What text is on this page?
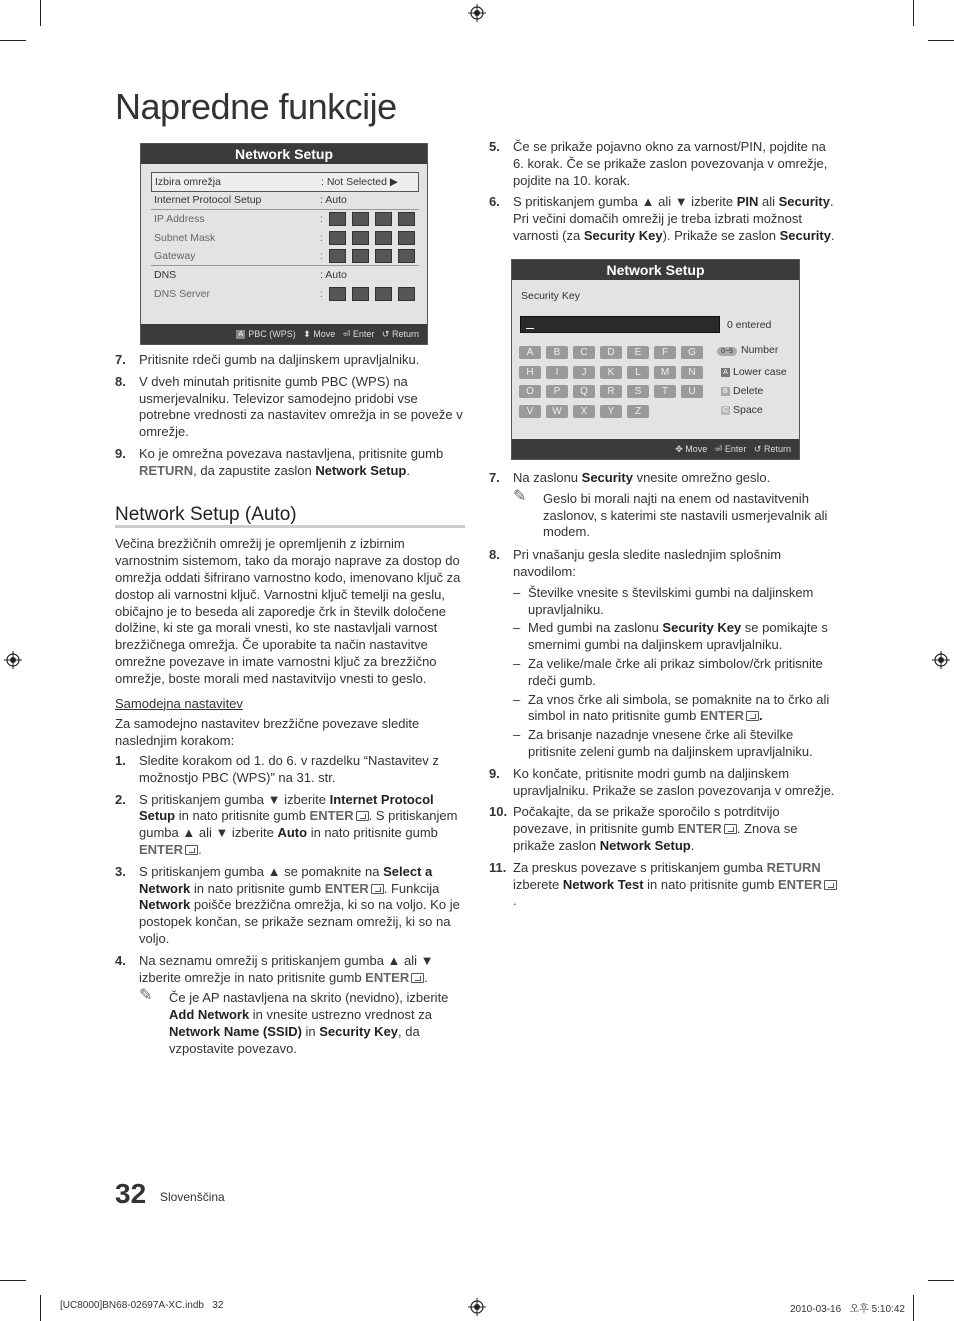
Napredne funkcije
Network Setup
Izbira omrežja	: Not Selected ▶
Internet Protocol Setup	: Auto
IP Address	:
Subnet Mask	:
Gateway	:
DNS	: Auto
DNS Server	:
A PBC (WPS) ⬍ Move ⏎ Enter ↺ Return
7. Pritisnite rdeči gumb na daljinskem upravljalniku.
8. V dveh minutah pritisnite gumb PBC (WPS) na usmerjevalniku. Televizor samodejno pridobi vse potrebne vrednosti za nastavitev omrežja in se poveže v omrežje.
9. Ko je omrežna povezava nastavljena, pritisnite gumb RETURN, da zapustite zaslon Network Setup.
Network Setup (Auto)
Večina brezžičnih omrežij je opremljenih z izbirnim varnostnim sistemom, tako da morajo naprave za dostop do omrežja oddati šifrirano varnostno kodo, imenovano ključ za dostop ali varnostni ključ. Varnostni ključ temelji na geslu, običajno je to beseda ali zaporedje črk in številk določene dolžine, ki ste ga morali vnesti, ko ste nastavljali varnost brezžičnega omrežja. Če uporabite ta način nastavitve omrežne povezave in imate varnostni ključ za brezžično omrežje, boste morali med nastavitvijo vnesti to geslo.
Samodejna nastavitev
Za samodejno nastavitev brezžične povezave sledite naslednjim korakom:
1. Sledite korakom od 1. do 6. v razdelku “Nastavitev z možnostjo PBC (WPS)” na 31. str.
2. S pritiskanjem gumba ▼ izberite Internet Protocol Setup in nato pritisnite gumb ENTER . S pritiskanjem gumba ▲ ali ▼ izberite Auto in nato pritisnite gumb ENTER .
3. S pritiskanjem gumba ▲ se pomaknite na Select a Network in nato pritisnite gumb ENTER . Funkcija Network poišče brezžična omrežja, ki so na voljo. Ko je postopek končan, se prikaže seznam omrežij, ki so na voljo.
4. Na seznamu omrežij s pritiskanjem gumba ▲ ali ▼ izberite omrežje in nato pritisnite gumb ENTER .
✎ Če je AP nastavljena na skrito (nevidno), izberite Add Network in vnesite ustrezno vrednost za Network Name (SSID) in Security Key, da vzpostavite povezavo.
Network Setup
Security Key
0 entered
A	B	C	D	E	F	G
H	I	J	K	L	M	N
O	P	Q	R	S	T	U
V	W	X	Y	Z
0~9 Number
A Lower case
B Delete
C Space
✥ Move ⏎ Enter ↺ Return
5. Če se prikaže pojavno okno za varnost/PIN, pojdite na 6. korak. Če se prikaže zaslon povezovanja v omrežje, pojdite na 10. korak.
6. S pritiskanjem gumba ▲ ali ▼ izberite PIN ali Security. Pri večini domačih omrežij je treba izbrati možnost varnosti (za Security Key). Prikaže se zaslon Security.
7. Na zaslonu Security vnesite omrežno geslo.
✎ Geslo bi morali najti na enem od nastavitvenih zaslonov, s katerimi ste nastavili usmerjevalnik ali modem.
8. Pri vnašanju gesla sledite naslednjim splošnim navodilom:
– Številke vnesite s številskimi gumbi na daljinskem upravljalniku.
– Med gumbi na zaslonu Security Key se pomikajte s smernimi gumbi na daljinskem upravljalniku.
– Za velike/male črke ali prikaz simbolov/črk pritisnite rdeči gumb.
– Za vnos črke ali simbola, se pomaknite na to črko ali simbol in nato pritisnite gumb ENTER .
– Za brisanje nazadnje vnesene črke ali številke pritisnite zeleni gumb na daljinskem upravljalniku.
9. Ko končate, pritisnite modri gumb na daljinskem upravljalniku. Prikaže se zaslon povezovanja v omrežje.
10. Počakajte, da se prikaže sporočilo s potrditvijo povezave, in pritisnite gumb ENTER . Znova se prikaže zaslon Network Setup.
11. Za preskus povezave s pritiskanjem gumba RETURN izberete Network Test in nato pritisnite gumb ENTER.
32 Slovenščina
[UC8000]BN68-02697A-XC.indb   32	2010-03-16   오후 5:10:42
